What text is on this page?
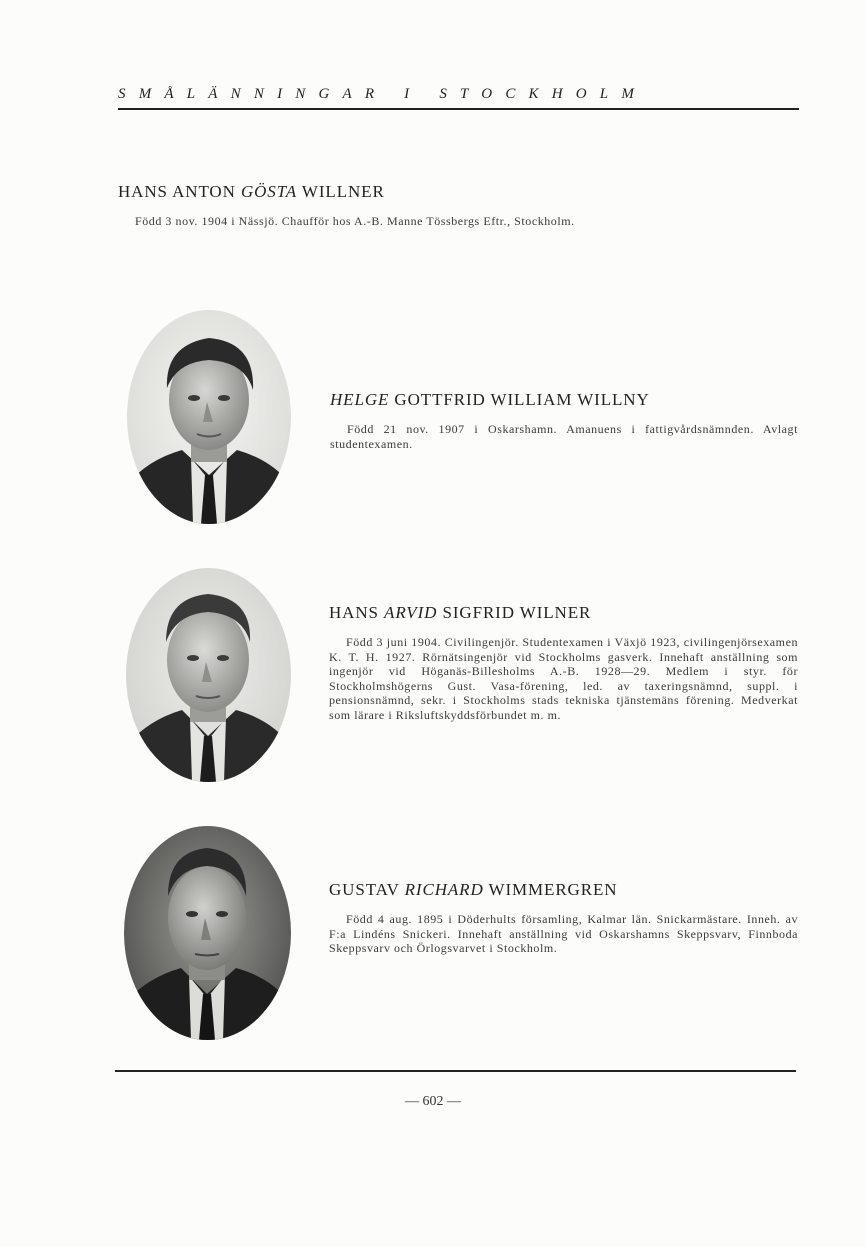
SMÅLÄNNINGAR I STOCKHOLM
HANS ANTON GÖSTA WILLNER
Född 3 nov. 1904 i Nässjö. Chaufför hos A.-B. Manne Tössbergs Eftr., Stockholm.
HELGE GOTTFRID WILLIAM WILLNY
Född 21 nov. 1907 i Oskarshamn. Amanuens i fattigvårdsnämnden. Avlagt studentexamen.
HANS ARVID SIGFRID WILNER
Född 3 juni 1904. Civilingenjör. Studentexamen i Växjö 1923, civilingenjörsexamen K. T. H. 1927. Rörnätsingenjör vid Stockholms gasverk. Innehaft anställning som ingenjör vid Höganäs-Billesholms A.-B. 1928—29. Medlem i styr. för Stockholmshögerns Gust. Vasa-förening, led. av taxeringsnämnd, suppl. i pensionsnämnd, sekr. i Stockholms stads tekniska tjänstemäns förening. Medverkat som lärare i Riksluftskyddsförbundet m. m.
GUSTAV RICHARD WIMMERGREN
Född 4 aug. 1895 i Döderhults församling, Kalmar län. Snickarmästare. Inneh. av F:a Lindéns Snickeri. Innehaft anställning vid Oskarshamns Skeppsvarv, Finnboda Skeppsvarv och Örlogsvarvet i Stockholm.
— 602 —
